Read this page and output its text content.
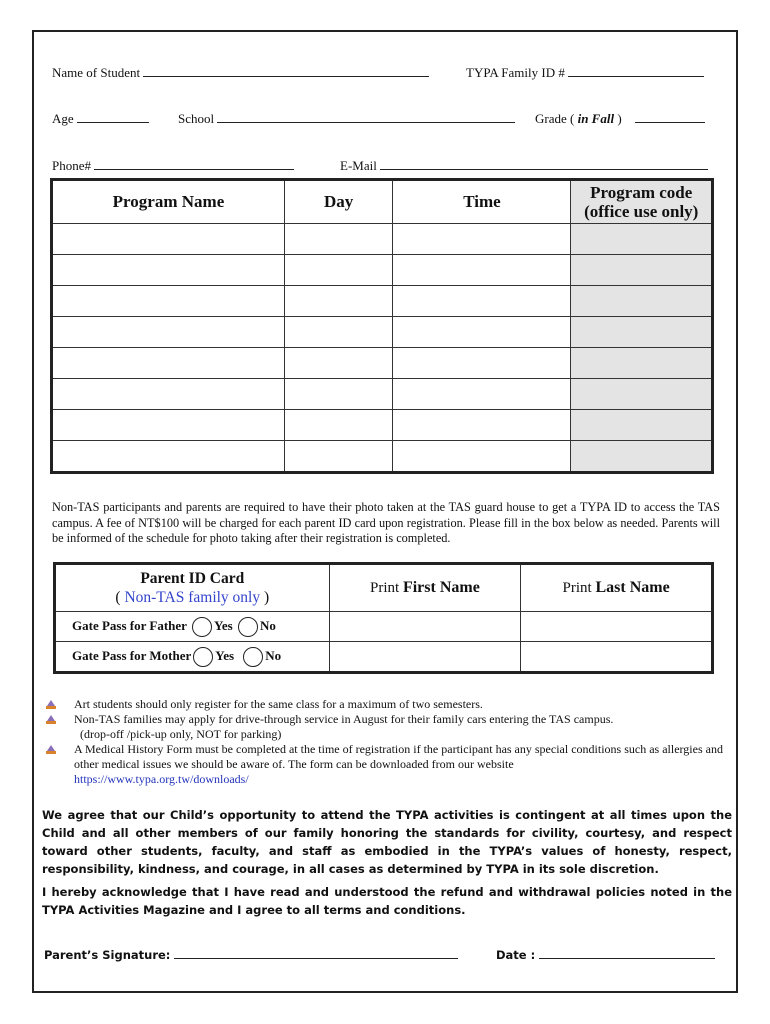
Name of Student	TYPA Family ID #
Age	School	Grade ( in Fall )
Phone#	E-Mail
Program Name	Day	Time	Program code
(office use only)

Non-TAS participants and parents are required to have their photo taken at the TAS guard house to get a TYPA ID to access the TAS campus. A fee of NT$100 will be charged for each parent ID card upon registration. Please fill in the box below as needed. Parents will be informed of the schedule for photo taking after their registration is completed.
Parent ID Card
( Non-TAS family only )	Print First Name	Print Last Name
Gate Pass for Father Yes No		
Gate Pass for Mother Yes No		
Art students should only register for the same class for a maximum of two semesters.
Non-TAS families may apply for drive-through service in August for their family cars entering the TAS campus.
(drop-off /pick-up only, NOT for parking)
A Medical History Form must be completed at the time of registration if the participant has any special conditions such as allergies and other medical issues we should be aware of. The form can be downloaded from our website
https://www.typa.org.tw/downloads/
We agree that our Child’s opportunity to attend the TYPA activities is contingent at all times upon the Child and all other members of our family honoring the standards for civility, courtesy, and respect toward other students, faculty, and staff as embodied in the TYPA’s values of honesty, respect, responsibility, kindness, and courage, in all cases as determined by TYPA in its sole discretion.
I hereby acknowledge that I have read and understood the refund and withdrawal policies noted in the TYPA Activities Magazine and I agree to all terms and conditions.
Parent’s Signature:	Date :
